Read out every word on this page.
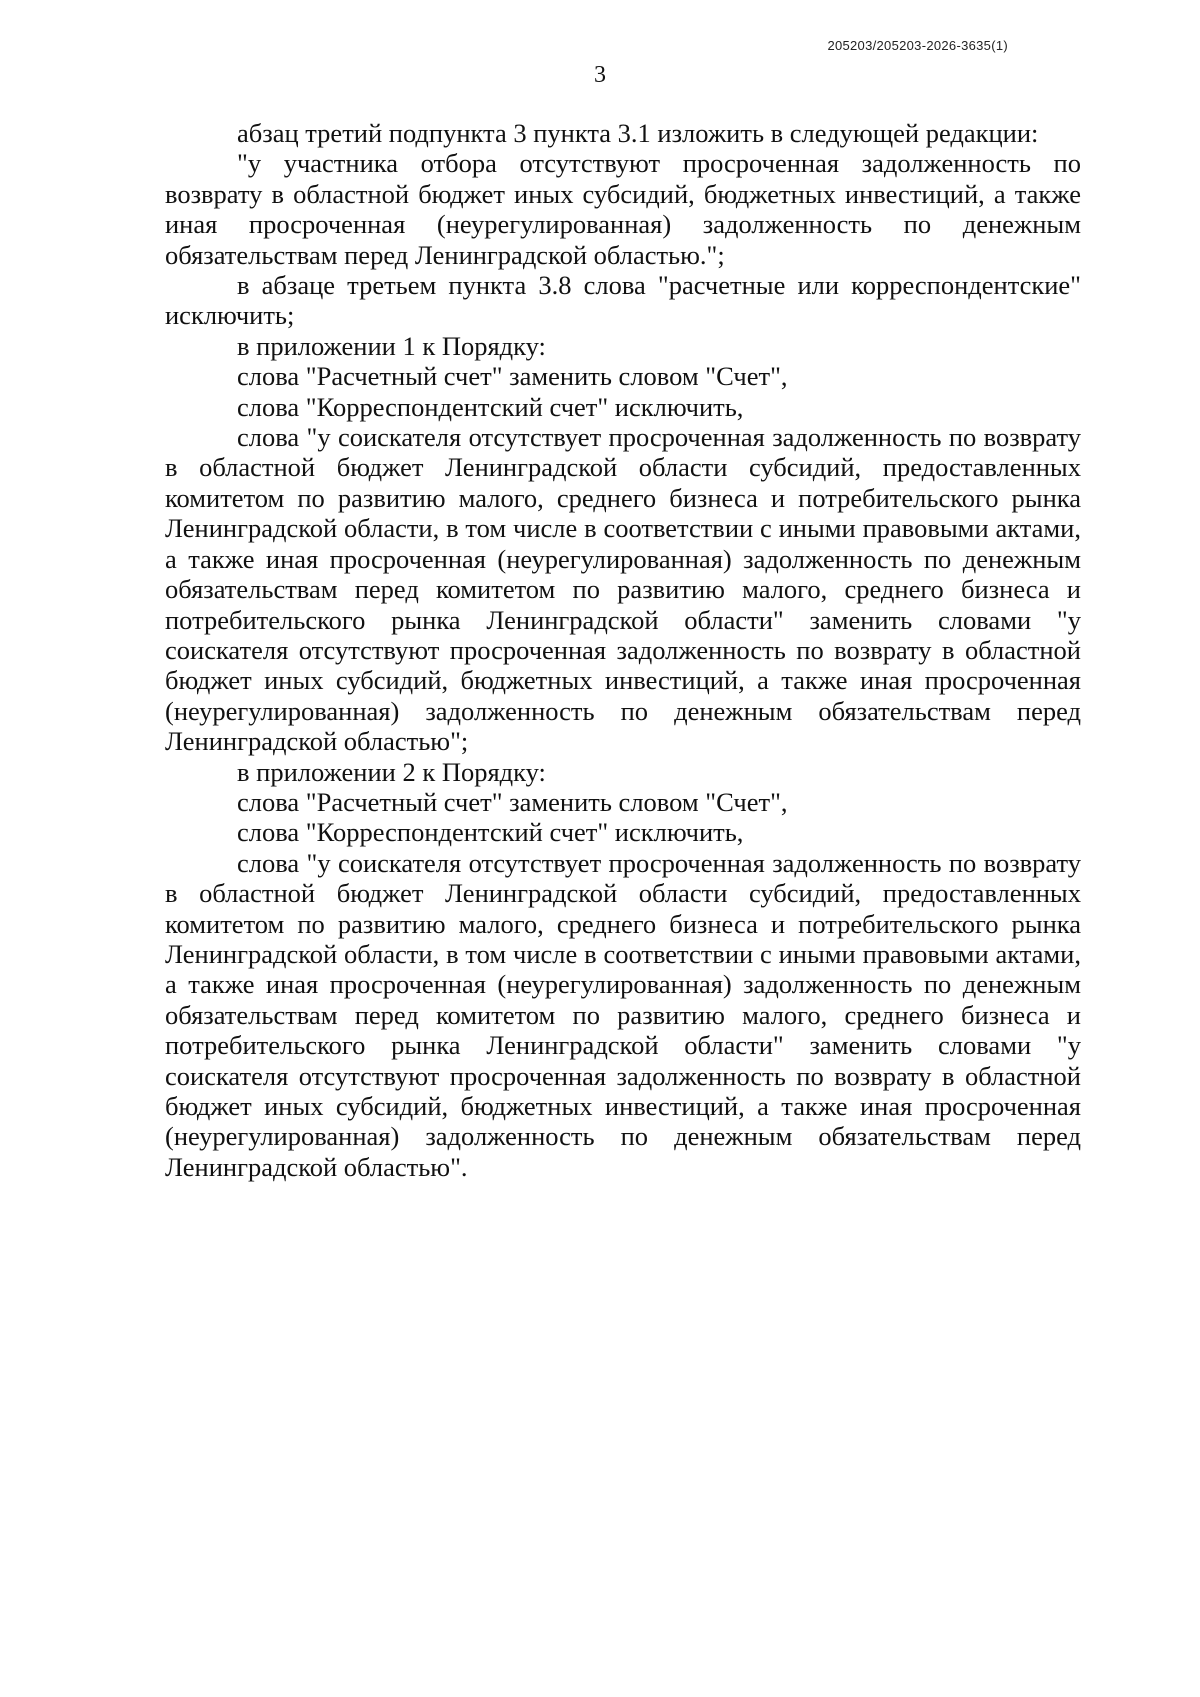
205203/205203-2026-3635(1)
3

абзац третий подпункта 3 пункта 3.1 изложить в следующей редакции:

"у участника отбора отсутствуют просроченная задолженность по возврату в областной бюджет иных субсидий, бюджетных инвестиций, а также иная просроченная (неурегулированная) задолженность по денежным обязательствам перед Ленинградской областью.";

в абзаце третьем пункта 3.8 слова "расчетные или корреспондентские" исключить;

в приложении 1 к Порядку:

слова "Расчетный счет" заменить словом "Счет",

слова "Корреспондентский счет" исключить,

слова "у соискателя отсутствует просроченная задолженность по возврату в областной бюджет Ленинградской области субсидий, предоставленных комитетом по развитию малого, среднего бизнеса и потребительского рынка Ленинградской области, в том числе в соответствии с иными правовыми актами, а также иная просроченная (неурегулированная) задолженность по денежным обязательствам перед комитетом по развитию малого, среднего бизнеса и потребительского рынка Ленинградской области" заменить словами "у соискателя отсутствуют просроченная задолженность по возврату в областной бюджет иных субсидий, бюджетных инвестиций, а также иная просроченная (неурегулированная) задолженность по денежным обязательствам перед Ленинградской областью";

в приложении 2 к Порядку:

слова "Расчетный счет" заменить словом "Счет",

слова "Корреспондентский счет" исключить,

слова "у соискателя отсутствует просроченная задолженность по возврату в областной бюджет Ленинградской области субсидий, предоставленных комитетом по развитию малого, среднего бизнеса и потребительского рынка Ленинградской области, в том числе в соответствии с иными правовыми актами, а также иная просроченная (неурегулированная) задолженность по денежным обязательствам перед комитетом по развитию малого, среднего бизнеса и потребительского рынка Ленинградской области" заменить словами "у соискателя отсутствуют просроченная задолженность по возврату в областной бюджет иных субсидий, бюджетных инвестиций, а также иная просроченная (неурегулированная) задолженность по денежным обязательствам перед Ленинградской областью".
